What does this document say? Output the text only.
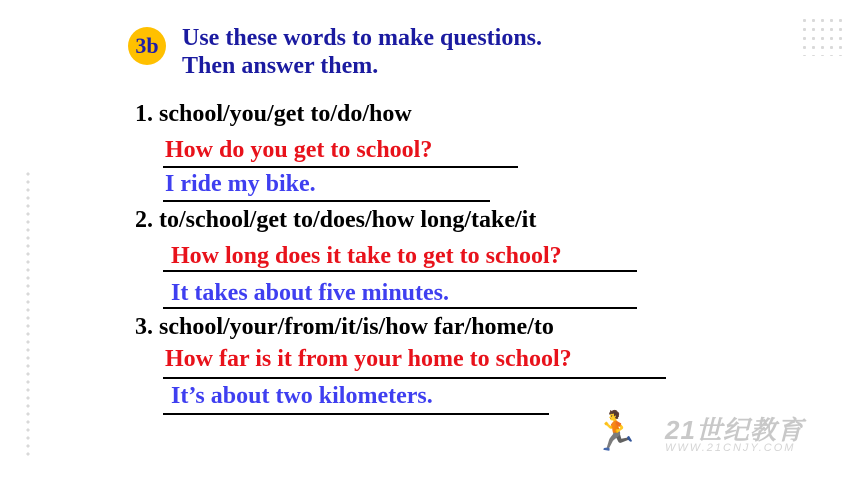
3b Use these words to make questions.
Then answer them.
1. school/you/get to/do/how
How do you get to school?
I ride my bike.
2. to/school/get to/does/how long/take/it
How long does it take to get to school?
It takes about five minutes.
3. school/your/from/it/is/how far/home/to
How far is it from your home to school?
It’s about two kilometers.
🏃 21世纪教育
WWW.21CNJY.COM
